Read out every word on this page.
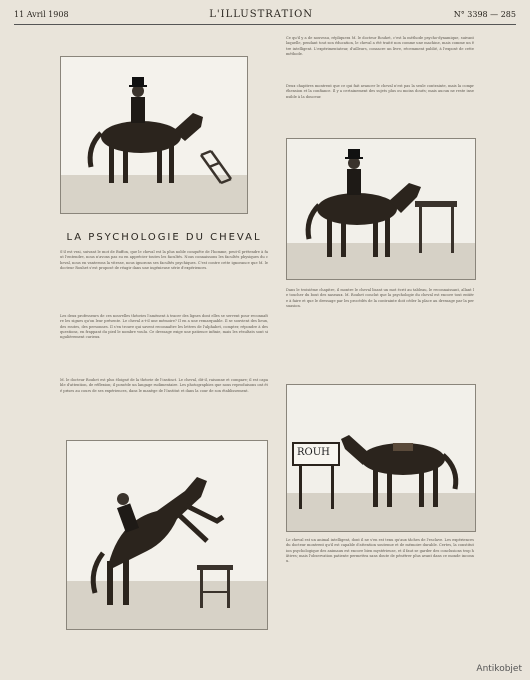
11 Avril 1908	L'ILLUSTRATION	N° 3398 — 285
LA PSYCHOLOGIE DU CHEVAL
S'il est vrai, suivant le mot de Buffon, que le cheval est la plus noble conquête de l'homme, peut-il prétendre à faut l'entendre, nous n'avons pas su en apprécier toutes les facultés. Nous connaissons les facultés physiques du cheval, nous en vanterons la vitesse, nous ignorons ses facultés psychiques. C'est contre cette ignorance que M. le docteur Rouhet s'est proposé de réagir dans une ingénieuse série d'expériences.
Les deux professeurs de ces nouvelles théories l'amènent à tracer des lignes dont elles se servent pour reconnaître les signes qu'on leur présente. Le cheval a-t-il une mémoire? Il en a une remarquable. Il se souvient des lieux, des routes, des personnes. Il s'en trouve qui savent reconnaître les lettres de l'alphabet, compter, répondre à des questions, en frappant du pied le nombre voulu. Ce dressage exige une patience infinie, mais les résultats sont singulièrement curieux.
M. le docteur Rouhet est plus éloigné de la théorie de l'instinct. Le cheval, dit-il, raisonne et compare; il est capable d'attention, de réflexion; il possède un langage rudimentaire. Les photographies que nous reproduisons ont été prises au cours de ses expériences, dans le manège de l'Institut et dans la cour de son établissement.
Ce qu'il y a de nouveau, répliquera M. le docteur Rouhet, c'est la méthode psycho-dynamique, suivant laquelle, pendant tout son éducation, le cheval a été traité non comme une machine, mais comme un être intelligent. L'expérimentateur, d'ailleurs, consacre un livre, récemment publié, à l'exposé de cette méthode.
Deux chapitres montrent que ce qui fait avancer le cheval n'est pas la seule contrainte, mais la compréhension et la confiance. Il y a certainement des sujets plus ou moins doués; mais aucun ne reste insensible à la douceur.
Dans le troisième chapitre, il montre le cheval lisant un mot écrit au tableau, le reconnaissant, allant le toucher du bout des naseaux. M. Rouhet conclut que la psychologie du cheval est encore tout entière à faire et que le dressage par les procédés de la contrainte doit céder la place au dressage par la persuasion.
ROUH
Le cheval est un animal intelligent, dont il ne s'en est tenu qu'aux tâches de l'esclave. Les expériences du docteur montrent qu'il est capable d'attention soutenue et de mémoire durable. Certes, la constitution psychologique des animaux est encore bien mystérieuse, et il faut se garder des conclusions trop hâtives; mais l'observation patiente permettra sans doute de pénétrer plus avant dans ce monde inconnu.
Antikobjet
